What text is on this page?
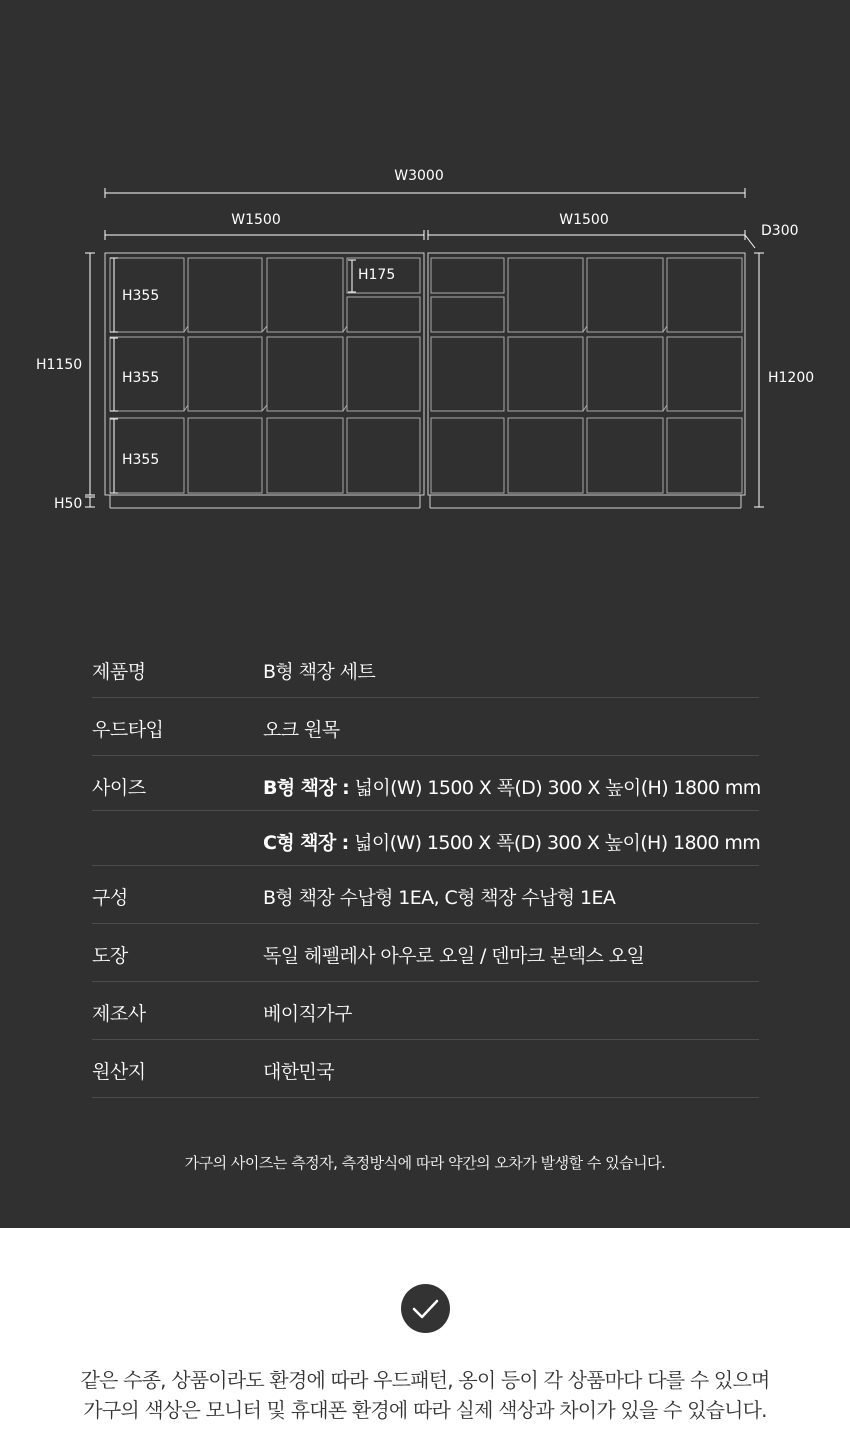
W3000
W1500	W1500
D300
H1150
H1200
H50
H355
H355
H355
H175
제품명	B형 책장 세트
우드타입	오크 원목
사이즈	B형 책장 : 넓이(W) 1500 X 폭(D) 300 X 높이(H) 1800 mm
C형 책장 : 넓이(W) 1500 X 폭(D) 300 X 높이(H) 1800 mm
구성	B형 책장 수납형 1EA, C형 책장 수납형 1EA
도장	독일 헤펠레사 아우로 오일 / 덴마크 본덱스 오일
제조사	베이직가구
원산지	대한민국
가구의 사이즈는 측정자, 측정방식에 따라 약간의 오차가 발생할 수 있습니다.
같은 수종, 상품이라도 환경에 따라 우드패턴, 옹이 등이 각 상품마다 다를 수 있으며
가구의 색상은 모니터 및 휴대폰 환경에 따라 실제 색상과 차이가 있을 수 있습니다.
